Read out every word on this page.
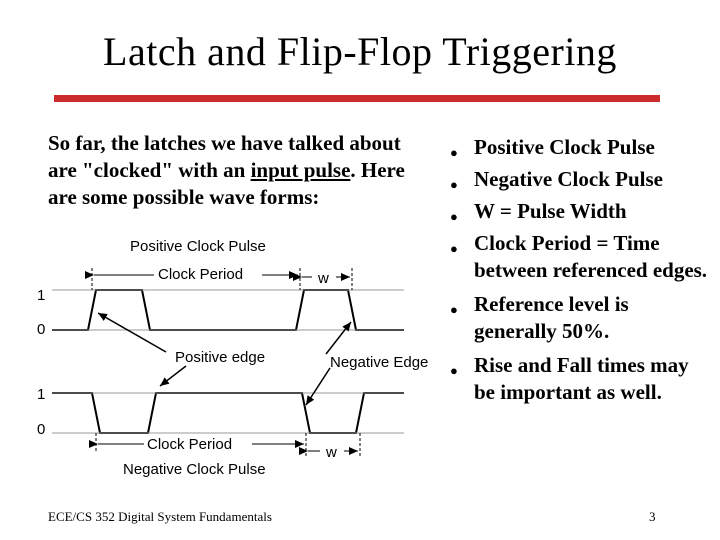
Latch and Flip-Flop Triggering
So far, the latches we have talked about are "clocked" with an input pulse. Here are some possible wave forms:
● Positive Clock Pulse
● Negative Clock Pulse
● W = Pulse Width
● Clock Period = Time between referenced edges.
● Reference level is generally 50%.
● Rise and Fall times may be important as well.
Positive Clock Pulse
Clock Period	w
1
0
Positive edge	Negative Edge
1
0
Clock Period	w
Negative Clock Pulse
ECE/CS 352 Digital System Fundamentals	3
